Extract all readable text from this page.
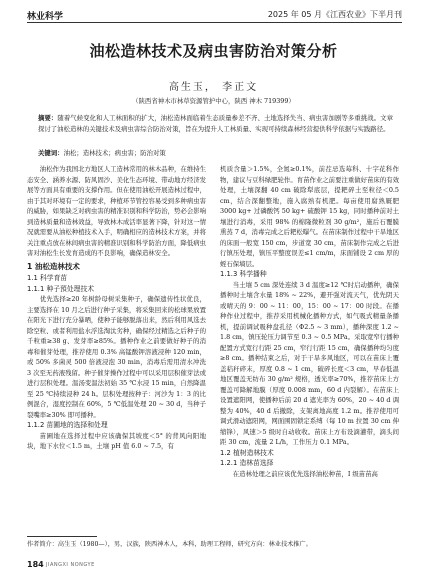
林业科学	2025 年 05 月《江西农业》下半月刊
油松造林技术及病虫害防治对策分析
高生玉， 李正文
（陕西省神木市林草资源管护中心，陕西 神木 719399）
摘要：随着气候变化和人工林面积的扩大，油松造林面临着生态质量参差不齐、土地选择失当、病虫害加剧等多重挑战。文章探讨了油松造林的关键技术及病虫害综合防治对策，旨在为提升人工林质量、实现可持续森林经营提供科学依据与实践路径。
关键词：油松；造林技术；病虫害；防治对策

油松作为我国北方地区人工造林常用的林木品种，在维持生态安全、涵养水源、防风固沙、美化生态环境、带动地方经济发展等方面具有重要的支撑作用。但在使用油松开展造林过程中，由于其对环境有一定的要求，种植环节管控容易受到多种病虫害的威胁，如果缺乏对病虫害的精准识别和科学防治，势必会影响到造林质量和造林效益，导致林木成活率显著下降，针对这一情况就需要从油松种植技术入手，明确相应的造林技术方案，并将关注重点放在林间病虫害的精准识别和科学防治方面，降低病虫害对油松生长发育造成的不良影响，确保造林安全。

1 油松造林技术

1.1 科学育苗

1.1.1 种子預处理技术

优先选择≥20 年树龄母树采集种子，确保遗传性状优良，主要选择在 10 月之后进行种子采集，将采集回来的松球果放置在阳光下进行充分暴晒，使种子能够脱落出来，然后利用风选去除空粒、或者利用盐水浮选淘汰劣种，确保经过精选之后种子的千粒重≥38 g、发芽率≥85%。播种作业之前要做好种子的消毒和催芽处理，推荐使用 0.3% 高锰酸钾溶液浸种 120 min，或 50% 多菌灵 500 倍液浸泡 30 min，消毒后需用清水冲洗 3 次至无药液残留。种子催芽操作过程中可以采用层积催芽法或进行层积处理。温汤变温法初始 35 ℃水浸 15 min，自然降温至 25 ℃持续浸种 24 h。层积处理按种子：河沙为 1：3 的比例混合，湿度控制在 60%，5 ℃低温处理 20 ~ 30 d，当种子裂嘴率≥30% 即可播种。

1.1.2 苗圃地的选择和处理

苗圃地在选择过程中应该确保其坡度＜5° 的背风向阳地块，地下水位＜1.5 m，土壤 pH 值 6.0 ~ 7.5，有

机质含量＞1.5%，全氮≥0.1%，前茬忌选莓科、十字花科作物，建议与豆科绿肥轮作。育苗作业之前要注重做好苗床的有效处理，土壤深翻 40 cm 破除犁底层，提耙碎土至粒径＜0.5 cm，结合深翻整地，施入腐熟有机肥。毎亩使用腐熟厩肥 3000 kg+ 过磷酸钙 50 kg+ 硫酸钾 15 kg，同时播种前对土壤进行消毒，采用 98% 的棉隆微粒剂 30 g/m²，施后石覆膜熏蒸 7 d，消毒完成之后耙松曝气。在苗床制作过程中干旱地区的床面一般宽 150 cm，步道宽 30 cm，苗床制作完成之后进行镇压处理，镇压平整度误差≤1 cm/m，床面铺设 2 cm 厚的蛭石保墒层。

1.1.3 科学播种

当土壤 5 cm 深处连续 3 d 温度≥12 ℃时启动播种，确保播种时土壤含水量 18% ~ 22%，避开强对流天气，优先阴天或晴天的 9：00 ~ 11：00，15：00 ~ 17：00 时段。在播种作业过程中，推荐采用机械化播种方式，如气吸式精量条播机，提前调试吸种盘孔径（Φ2.5 ~ 3 mm），播种深度 1.2 ~ 1.8 cm，镇压轮压力调节至 0.3 ~ 0.5 MPa。采取宽窄行播种配置方式宽行行距 25 cm，窄行行距 15 cm，确保播种均匀度≥8 cm。播种结束之后，对于干旱多风地区，可以在苗床上覆盖秸秆碎末，厚度 0.8 ~ 1 cm，破碎长度＜3 cm，早春低温地区覆盖无纺布 30 g/m² 规格，透光率≥70%，推荐苗床上方覆盖可降解地膜（厚度 0.008 mm，60 d 内裂解）。在苗床上设置遮阳网，使播种后前 20 d 遮光率为 60%，20 ~ 40 d 调整为 40%，40 d 后撤除，支架离地高度 1.2 m。推荐使用可调式滑动遮阳网，网面围固锁定系缚（每 10 m 拉置 30 cm 伸缩锋），风速＞5 级时自动收收。苗床上方布设滴灌带，滴头间距 30 cm，流量 2 L/h，工作压力 0.1 MPa。

1.2 植树造林技术

1.2.1 造林苗选择

在造林处理之前应该优先选择油松种苗，I 级苗苗高

作者简介：高生玉（1980—），男，汉族，陕西神木人，本科，助理工程师，研究方向：林业技术推广。
184 JIANGXI NONGYE
